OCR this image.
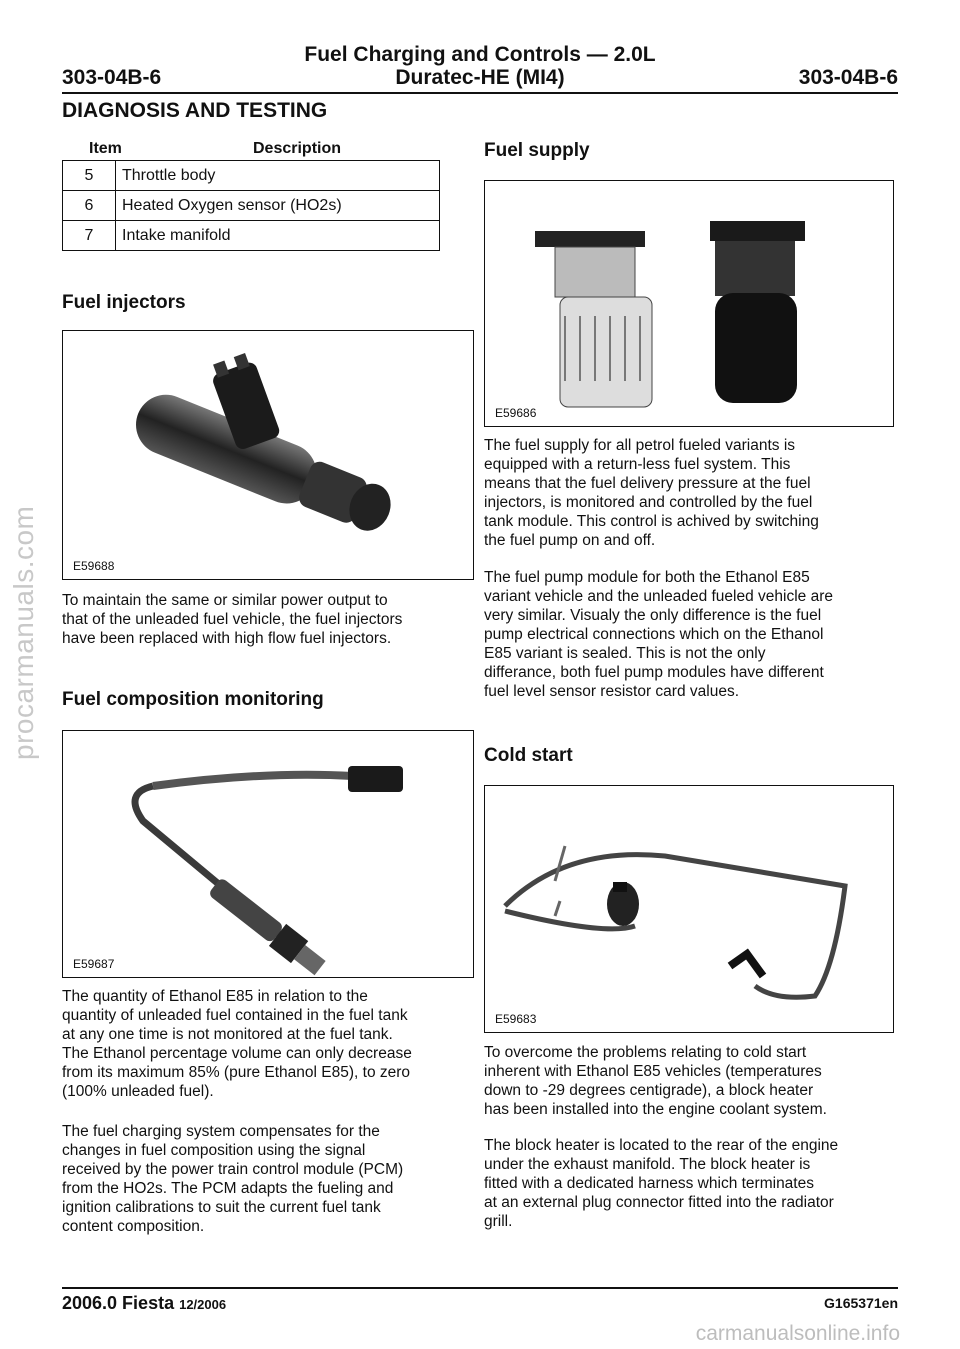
procarmanuals.com
carmanualsonline.info
Fuel Charging and Controls — 2.0L
303-04B-6	Duratec-HE (MI4)	303-04B-6
DIAGNOSIS AND TESTING
Item	Description
5	Throttle body
6	Heated Oxygen sensor (HO2s)
7	Intake manifold
Fuel injectors
E59688

To maintain the same or similar power output to
that of the unleaded fuel vehicle, the fuel injectors
have been replaced with high flow fuel injectors.

Fuel composition monitoring
E59687

The quantity of Ethanol E85 in relation to the
quantity of unleaded fuel contained in the fuel tank
at any one time is not monitored at the fuel tank.
The Ethanol percentage volume can only decrease
from its maximum 85% (pure Ethanol E85), to zero
(100% unleaded fuel).

The fuel charging system compensates for the
changes in fuel composition using the signal
received by the power train control module (PCM)
from the HO2s. The PCM adapts the fueling and
ignition calibrations to suit the current fuel tank
content composition.

Fuel supply
E59686

The fuel supply for all petrol fueled variants is
equipped with a return-less fuel system. This
means that the fuel delivery pressure at the fuel
injectors, is monitored and controlled by the fuel
tank module. This control is achived by switching
the fuel pump on and off.

The fuel pump module for both the Ethanol E85
variant vehicle and the unleaded fueled vehicle are
very similar. Visualy the only difference is the fuel
pump electrical connections which on the Ethanol
E85 variant is sealed. This is not the only
differance, both fuel pump modules have different
fuel level sensor resistor card values.

Cold start
E59683

To overcome the problems relating to cold start
inherent with Ethanol E85 vehicles (temperatures
down to -29 degrees centigrade), a block heater
has been installed into the engine coolant system.

The block heater is located to the rear of the engine
under the exhaust manifold. The block heater is
fitted with a dedicated harness which terminates
at an external plug connector fitted into the radiator
grill.

2006.0 Fiesta 12/2006	G165371en
